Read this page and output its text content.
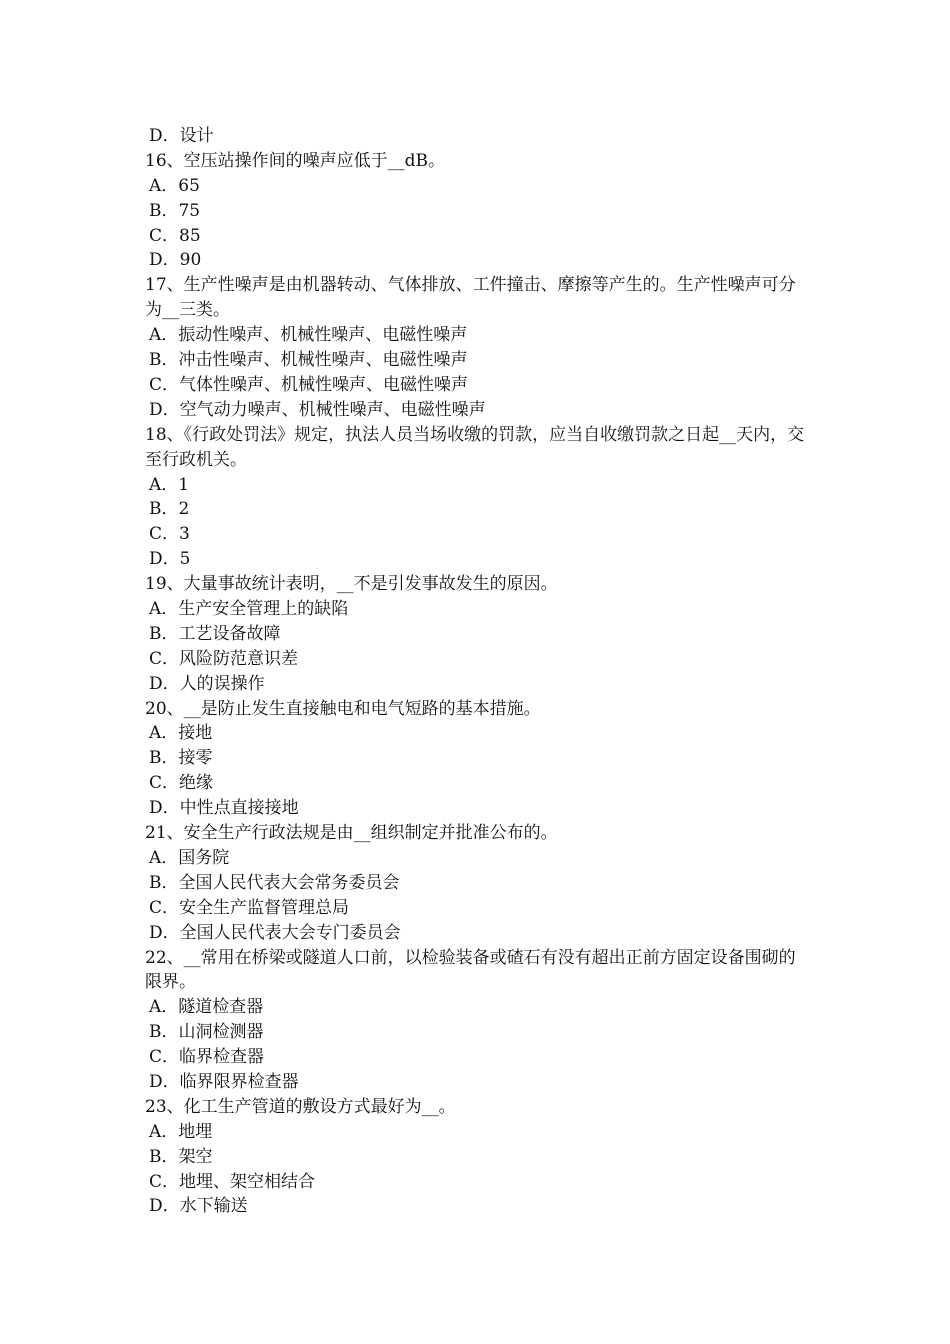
D．设计
16、空压站操作间的噪声应低于__dB。
A．65
B．75
C．85
D．90
17、生产性噪声是由机器转动、气体排放、工件撞击、摩擦等产生的。生产性噪声可分为__三类。
A．振动性噪声、机械性噪声、电磁性噪声
B．冲击性噪声、机械性噪声、电磁性噪声
C．气体性噪声、机械性噪声、电磁性噪声
D．空气动力噪声、机械性噪声、电磁性噪声
18、《行政处罚法》规定，执法人员当场收缴的罚款，应当自收缴罚款之日起__天内，交至行政机关。
A．1
B．2
C．3
D．5
19、大量事故统计表明，__不是引发事故发生的原因。
A．生产安全管理上的缺陷
B．工艺设备故障
C．风险防范意识差
D．人的误操作
20、__是防止发生直接触电和电气短路的基本措施。
A．接地
B．接零
C．绝缘
D．中性点直接接地
21、安全生产行政法规是由__组织制定并批准公布的。
A．国务院
B．全国人民代表大会常务委员会
C．安全生产监督管理总局
D．全国人民代表大会专门委员会
22、__常用在桥梁或隧道人口前，以检验装备或碴石有没有超出正前方固定设备围砌的限界。
A．隧道检查器
B．山洞检测器
C．临界检查器
D．临界限界检查器
23、化工生产管道的敷设方式最好为__。
A．地埋
B．架空
C．地埋、架空相结合
D．水下输送
